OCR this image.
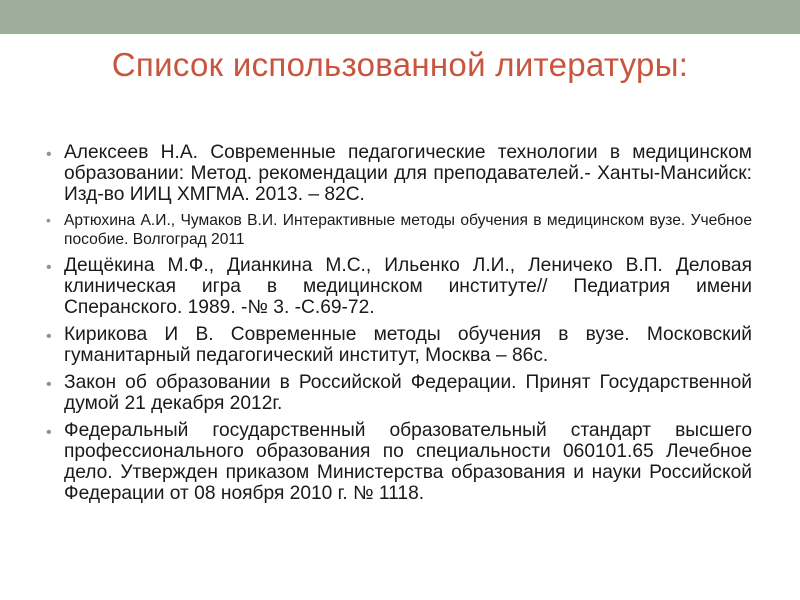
Список использованной литературы:
• Алексеев Н.А. Современные педагогические технологии в медицинском образовании: Метод. рекомендации для преподавателей.- Ханты-Мансийск: Изд-во ИИЦ ХМГМА. 2013. – 82С.
• Артюхина А.И., Чумаков В.И. Интерактивные методы обучения в медицинском вузе. Учебное пособие. Волгоград 2011
• Дещёкина М.Ф., Дианкина М.С., Ильенко Л.И., Леничеко В.П. Деловая клиническая игра в медицинском институте// Педиатрия имени Сперанского. 1989. -№ 3. -С.69-72.
• Кирикова И В. Современные методы обучения в вузе. Московский гуманитарный педагогический институт, Москва – 86с.
• Закон об образовании в Российской Федерации. Принят Государственной думой 21 декабря 2012г.
• Федеральный государственный образовательный стандарт высшего профессионального образования по специальности 060101.65 Лечебное дело. Утвержден приказом Министерства образования и науки Российской Федерации от 08 ноября 2010 г. № 1118.
